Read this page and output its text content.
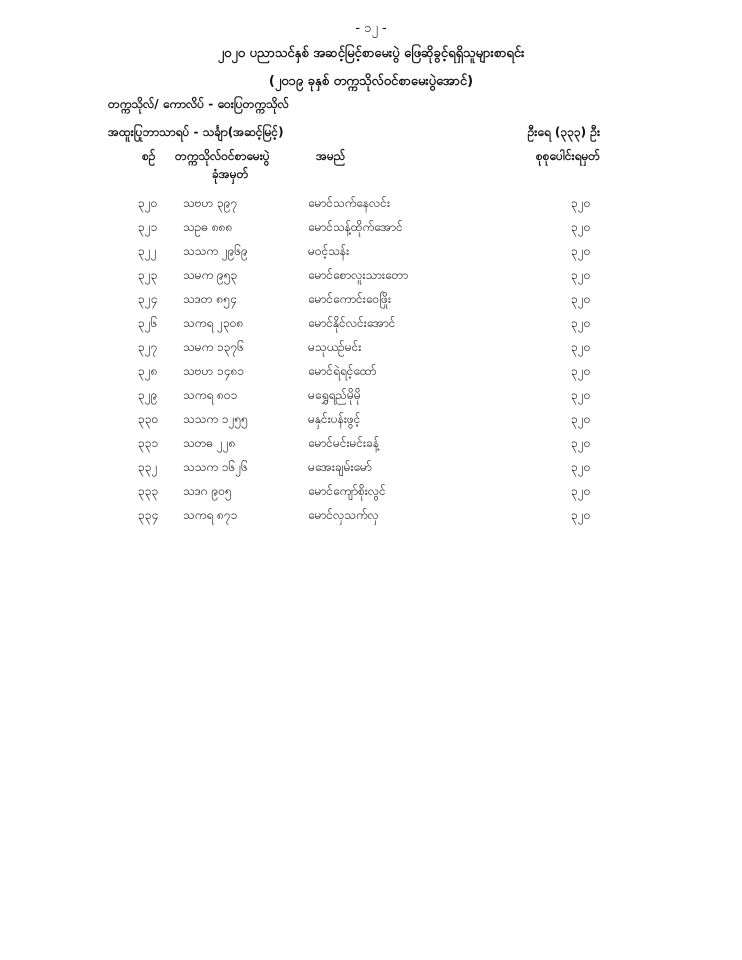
- ၁၂ -
၂၀၂၀ ပညာသင်နှစ် အဆင့်မြင့်စာမေးပွဲ ဖြေဆိုခွင့်ရရှိသူများစာရင်း
(၂၀၁၉ ခုနှစ် တက္ကသိုလ်ဝင်စာမေးပွဲအောင်)
တက္ကသိုလ်/ ကောလိပ် - ဝေးပြတက္ကသိုလ်
အထူးပြုဘာသာရပ် - သင်္ချာ(အဆင့်မြင့်)	ဦးရေ (၃၃၃) ဦး
စဉ် တက္ကသိုလ်ဝင်စာမေးပွဲ
ခုံအမှတ်
အမည်	စုစုပေါင်းရမှတ်
၃၂၀ သဗဟ ၃၉၇	မောင်သက်နေလင်း	၃၂၀
၃၂၁ သဥဓ ၈၈၈	မောင်သန့်ထိုက်အောင်	၃၂၀
၃၂၂ သသက ၂၉၆၉	မဝင့်သန်း	၃၂၀
၃၂၃ သမက ၉၅၃	မောင်စောလူးသားတော	၃၂၀
၃၂၄ သဒတ ၈၅၄	မောင်ကောင်းဝေဖြိုး	၃၂၀
၃၂၆ သကရ ၂၃၀၈	မောင်နိုင်လင်းအောင်	၃၂၀
၃၂၇ သမက ၁၃၇၆	မသုယဉ်မင်း	၃၂၀
၃၂၈ သဗဟ ၁၄၈၁	မောင်ရဲရင့်ထော်	၃၂၀
၃၂၉ သကရ ၈၀၁	မရွှေရည်မိုမို	၃၂၀
၃၃၀ သသက ၁၂၅၅	မနှင်းပန်းဖွင့်	၃၂၀
၃၃၁ သတဓ ၂၂၈	မောင်မင်းမင်းခန့်	၃၂၀
၃၃၂ သသက ၁၆၂၆	မအေးချမ်းမော်	၃၂၀
၃၃၃ သဒဂ ၉၀၅	မောင်ကျော်စိုးလွင်	၃၂၀
၃၃၄ သကရ ၈၇၁	မောင်လှသက်လှ	၃၂၀
